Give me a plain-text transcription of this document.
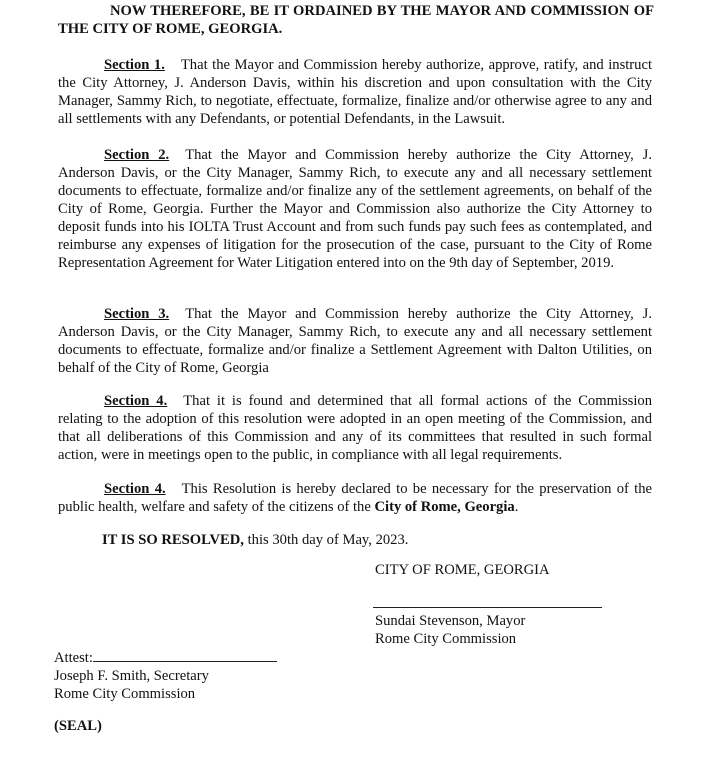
NOW THEREFORE, BE IT ORDAINED BY THE MAYOR AND COMMISSION OF THE CITY OF ROME, GEORGIA.
Section 1. That the Mayor and Commission hereby authorize, approve, ratify, and instruct the City Attorney, J. Anderson Davis, within his discretion and upon consultation with the City Manager, Sammy Rich, to negotiate, effectuate, formalize, finalize and/or otherwise agree to any and all settlements with any Defendants, or potential Defendants, in the Lawsuit.
Section 2. That the Mayor and Commission hereby authorize the City Attorney, J. Anderson Davis, or the City Manager, Sammy Rich, to execute any and all necessary settlement documents to effectuate, formalize and/or finalize any of the settlement agreements, on behalf of the City of Rome, Georgia. Further the Mayor and Commission also authorize the City Attorney to deposit funds into his IOLTA Trust Account and from such funds pay such fees as contemplated, and reimburse any expenses of litigation for the prosecution of the case, pursuant to the City of Rome Representation Agreement for Water Litigation entered into on the 9th day of September, 2019.
Section 3. That the Mayor and Commission hereby authorize the City Attorney, J. Anderson Davis, or the City Manager, Sammy Rich, to execute any and all necessary settlement documents to effectuate, formalize and/or finalize a Settlement Agreement with Dalton Utilities, on behalf of the City of Rome, Georgia
Section 4. That it is found and determined that all formal actions of the Commission relating to the adoption of this resolution were adopted in an open meeting of the Commission, and that all deliberations of this Commission and any of its committees that resulted in such formal action, were in meetings open to the public, in compliance with all legal requirements.
Section 4. This Resolution is hereby declared to be necessary for the preservation of the public health, welfare and safety of the citizens of the City of Rome, Georgia.
IT IS SO RESOLVED, this 30th day of May, 2023.
CITY OF ROME, GEORGIA
Sundai Stevenson, Mayor
Rome City Commission
Attest:
Joseph F. Smith, Secretary
Rome City Commission
(SEAL)
